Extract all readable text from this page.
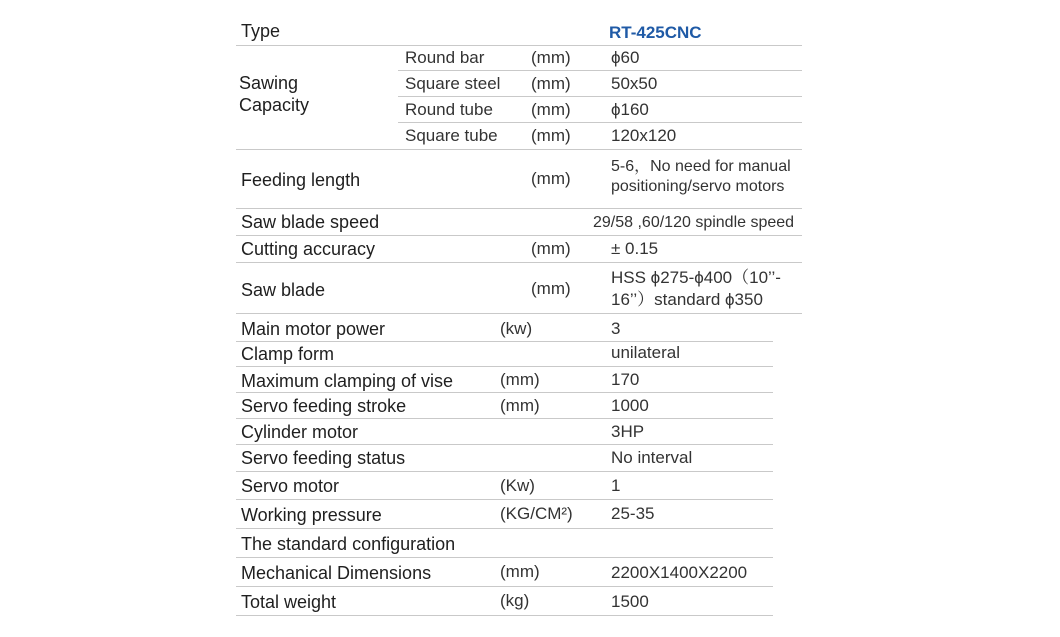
Type	RT-425CNC
Sawing
Capacity
Round bar	(mm) ϕ60
Square steel (mm) 50x50
Round tube (mm) ϕ160
Square tube (mm) 120x120
Feeding length	(mm)
5-6，No need for manual
positioning/servo motors
Saw blade speed	29/58 ,60/120 spindle speed
Cutting accuracy	(mm) ± 0.15
Saw blade	(mm)
HSS ϕ275-ϕ400（10’’-
16’’）standard ϕ350
Main motor power	(kw)	3
Clamp form	unilateral
Maximum clamping of vise	(mm)	170
Servo feeding stroke	(mm)	1000
Cylinder motor	3HP
Servo feeding status	No interval
Servo motor	(Kw)	1
Working pressure	(KG/CM²) 25-35
The standard configuration
Mechanical Dimensions	(mm)	2200X1400X2200
Total weight	(kg)	1500
